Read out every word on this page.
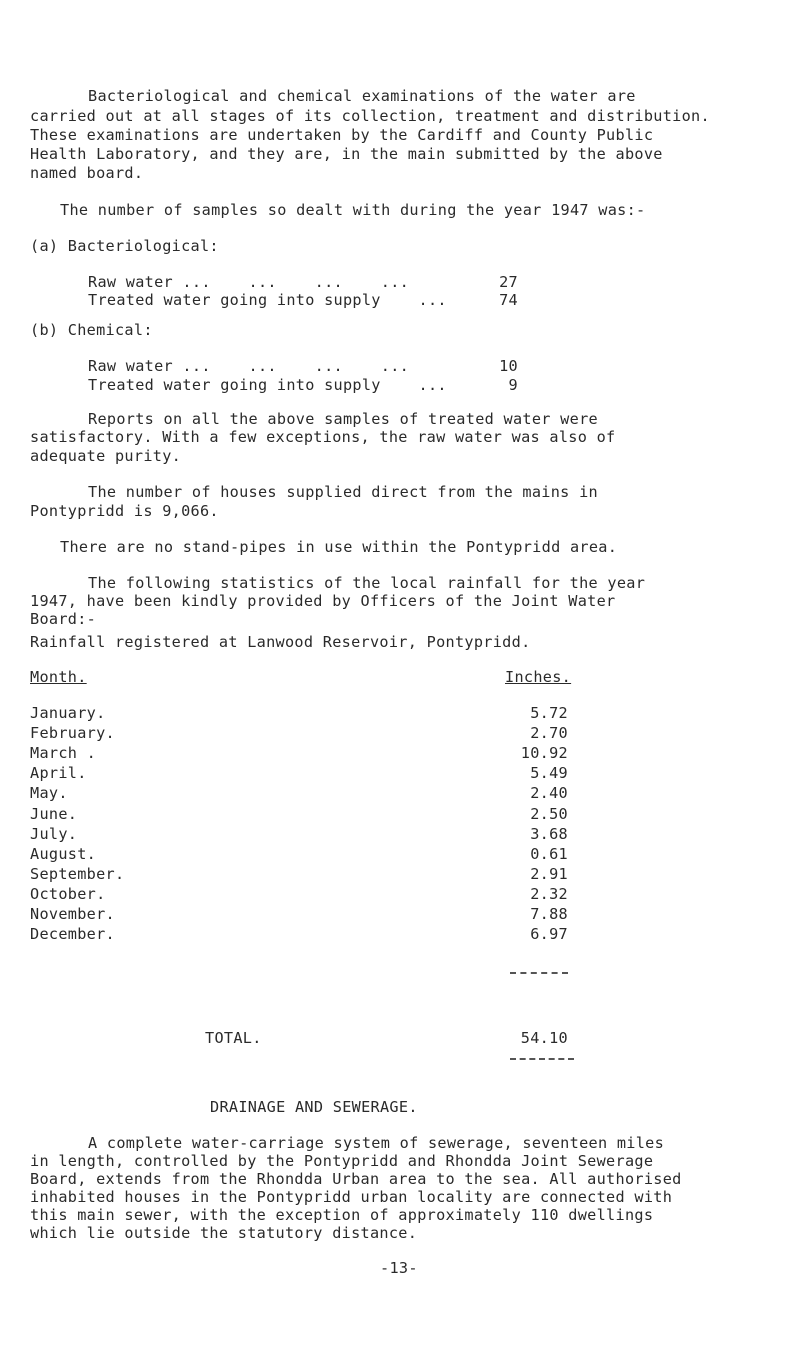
Bacteriological and chemical examinations of the water are
carried out at all stages of its collection, treatment and distribution.
These examinations are undertaken by the Cardiff and County Public
Health Laboratory, and they are, in the main submitted by the above
named board.
The number of samples so dealt with during the year 1947 was:-
(a) Bacteriological:
Raw water ...    ...    ...    ...	27
Treated water going into supply    ...	74
(b) Chemical:
Raw water ...    ...    ...    ...	10
Treated water going into supply    ...	9
Reports on all the above samples of treated water were
satisfactory. With a few exceptions, the raw water was also of
adequate purity.
The number of houses supplied direct from the mains in
Pontypridd is 9,066.
There are no stand-pipes in use within the Pontypridd area.
The following statistics of the local rainfall for the year
1947, have been kindly provided by Officers of the Joint Water
Board:-
Rainfall registered at Lanwood Reservoir, Pontypridd.
Month.	Inches.
January.	5.72
February.	2.70
March .	10.92
April.	5.49
May.	2.40
June.	2.50
July.	3.68
August.	0.61
September.	2.91
October.	2.32
November.	7.88
December.	6.97
TOTAL.	54.10
DRAINAGE AND SEWERAGE.
A complete water-carriage system of sewerage, seventeen miles
in length, controlled by the Pontypridd and Rhondda Joint Sewerage
Board, extends from the Rhondda Urban area to the sea. All authorised
inhabited houses in the Pontypridd urban locality are connected with
this main sewer, with the exception of approximately 110 dwellings
which lie outside the statutory distance.
-13-
